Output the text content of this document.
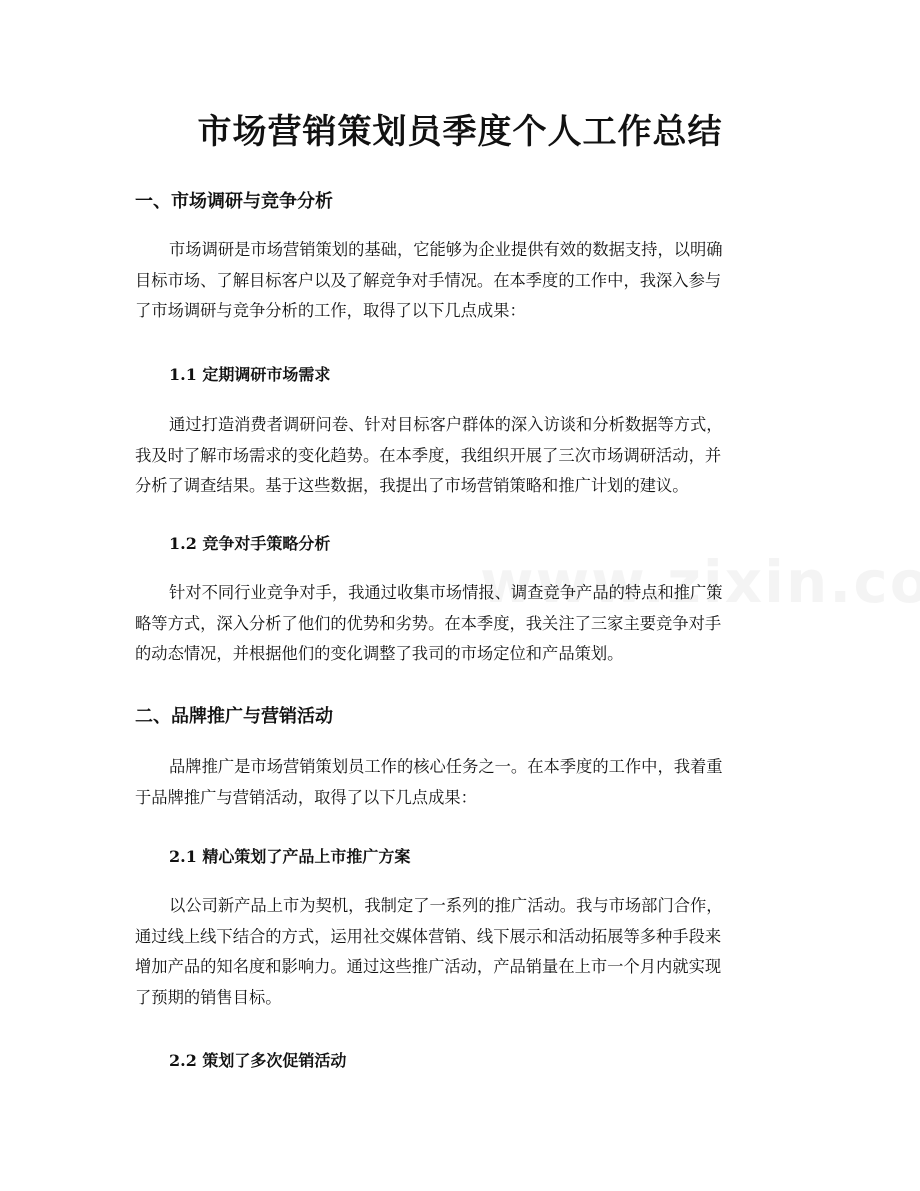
市场营销策划员季度个人工作总结
一、市场调研与竞争分析

市场调研是市场营销策划的基础，它能够为企业提供有效的数据支持，以明确
目标市场、了解目标客户以及了解竞争对手情况。在本季度的工作中，我深入参与
了市场调研与竞争分析的工作，取得了以下几点成果：

1.1 定期调研市场需求

通过打造消费者调研问卷、针对目标客户群体的深入访谈和分析数据等方式，
我及时了解市场需求的变化趋势。在本季度，我组织开展了三次市场调研活动，并
分析了调查结果。基于这些数据，我提出了市场营销策略和推广计划的建议。

1.2 竞争对手策略分析

针对不同行业竞争对手，我通过收集市场情报、调查竞争产品的特点和推广策
略等方式，深入分析了他们的优势和劣势。在本季度，我关注了三家主要竞争对手
的动态情况，并根据他们的变化调整了我司的市场定位和产品策划。

二、品牌推广与营销活动

品牌推广是市场营销策划员工作的核心任务之一。在本季度的工作中，我着重
于品牌推广与营销活动，取得了以下几点成果：

2.1 精心策划了产品上市推广方案

以公司新产品上市为契机，我制定了一系列的推广活动。我与市场部门合作，
通过线上线下结合的方式，运用社交媒体营销、线下展示和活动拓展等多种手段来
增加产品的知名度和影响力。通过这些推广活动，产品销量在上市一个月内就实现
了预期的销售目标。

2.2 策划了多次促销活动
